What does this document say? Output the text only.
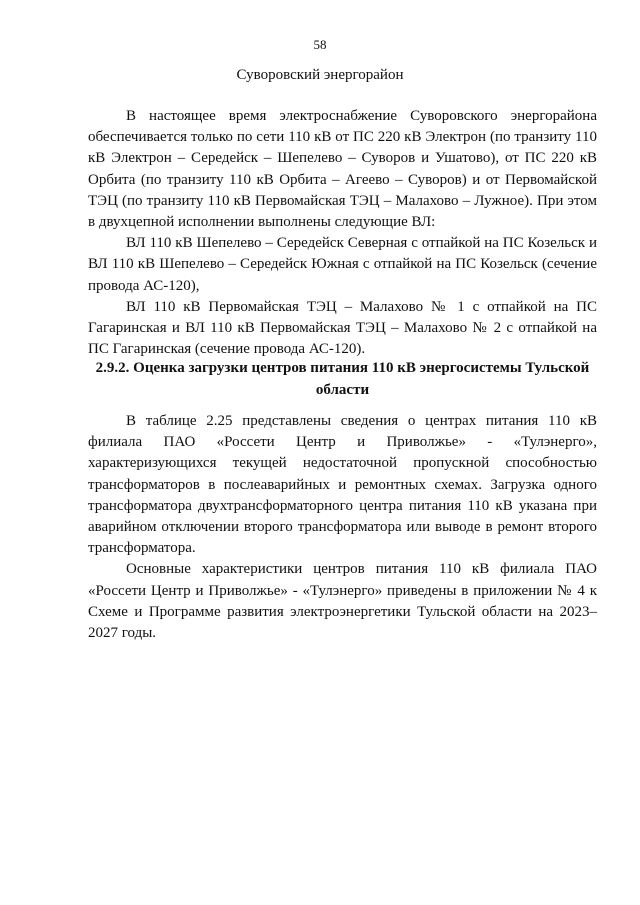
58
Суворовский энергорайон

В настоящее время электроснабжение Суворовского энергорайона обеспечивается только по сети 110 кВ от ПС 220 кВ Электрон (по транзиту 110 кВ Электрон – Середейск – Шепелево – Суворов и Ушатово), от ПС 220 кВ Орбита (по транзиту 110 кВ Орбита – Агеево – Суворов) и от Первомайской ТЭЦ (по транзиту 110 кВ Первомайская ТЭЦ – Малахово – Лужное). При этом в двухцепной исполнении выполнены следующие ВЛ:

ВЛ 110 кВ Шепелево – Середейск Северная с отпайкой на ПС Козельск и ВЛ 110 кВ Шепелево – Середейск Южная с отпайкой на ПС Козельск (сечение провода АС-120),

ВЛ 110 кВ Первомайская ТЭЦ – Малахово № 1 с отпайкой на ПС Гагаринская и ВЛ 110 кВ Первомайская ТЭЦ – Малахово № 2 с отпайкой на ПС Гагаринская (сечение провода АС-120).

2.9.2. Оценка загрузки центров питания 110 кВ энергосистемы Тульской области

В таблице 2.25 представлены сведения о центрах питания 110 кВ филиала ПАО «Россети Центр и Приволжье» - «Тулэнерго», характеризующихся текущей недостаточной пропускной способностью трансформаторов в послеаварийных и ремонтных схемах. Загрузка одного трансформатора двухтрансформаторного центра питания 110 кВ указана при аварийном отключении второго трансформатора или выводе в ремонт второго трансформатора.

Основные характеристики центров питания 110 кВ филиала ПАО «Россети Центр и Приволжье» - «Тулэнерго» приведены в приложении № 4 к Схеме и Программе развития электроэнергетики Тульской области на 2023–2027 годы.
